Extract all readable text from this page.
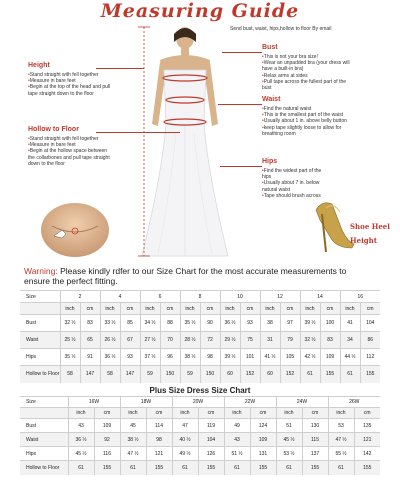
Measuring Guide
Send bust, waist, hips,hollow to floor By email
Height
• Stand straight with fell together
• Measure in bare feet
• Begin at the top of the head and pull tape straight down to the floor
Hollow to Floor
• Stand straight with fell together
• Measure in bare feet
• Begin at the hollow space between the collarbones and pull tape straight down to the floor
Bust
• This is not your bra size!
• Wear an unpadded bra (your dress will have a built-in bra)
• Relax arms at sides
• Pull tape across the fullest part of the bust
Waist
• Find the natural waist
• This is the smallest part of the waist
• Usually about 1 in. above belly button
• keep tape slightly loose to allow for breathing room
Hips
• Find the widest part of the hips
• Usually about 7 in. below natural waist
• Tape should brush across
Shoe Heel
Height
Warning: Please kindly rdfer to our Size Chart for the most accurate measurements to ensure the perfect fitting.
Size	2		4		6		8		10		12		14		16	
	inch	cm	inch	cm	inch	cm	inch	cm	inch	cm	inch	cm	inch	cm	inch	cm
Bust	32 ½	83	33 ½	85	34 ½	88	35 ½	90	36 ½	93	38	97	39 ½	100	41	104
Waist	25 ½	65	26 ½	67	27 ½	70	28 ½	72	29 ½	75	31	79	32 ½	83	34	86
Hips	35 ½	91	36 ½	93	37 ½	96	38 ½	98	39 ½	101	41 ½	105	42 ½	109	44 ½	112
Hollow to Floor	58	147	58	147	59	150	59	150	60	152	60	152	61	155	61	155
Plus Size Dress Size Chart
Size	16W		18W		20W		22W		24W		26W	
	inch	cm	inch	cm	inch	cm	inch	cm	inch	cm	inch	cm
Bust	43	109	45	114	47	119	49	124	51	130	53	135
Waist	36 ½	92	38 ½	98	40 ½	104	43	109	45 ½	115	47 ½	121
Hips	45 ½	116	47 ½	121	49 ½	126	51 ½	131	53 ½	137	55 ½	142
Hollow to Floor	61	155	61	155	61	155	61	155	61	155	61	155
